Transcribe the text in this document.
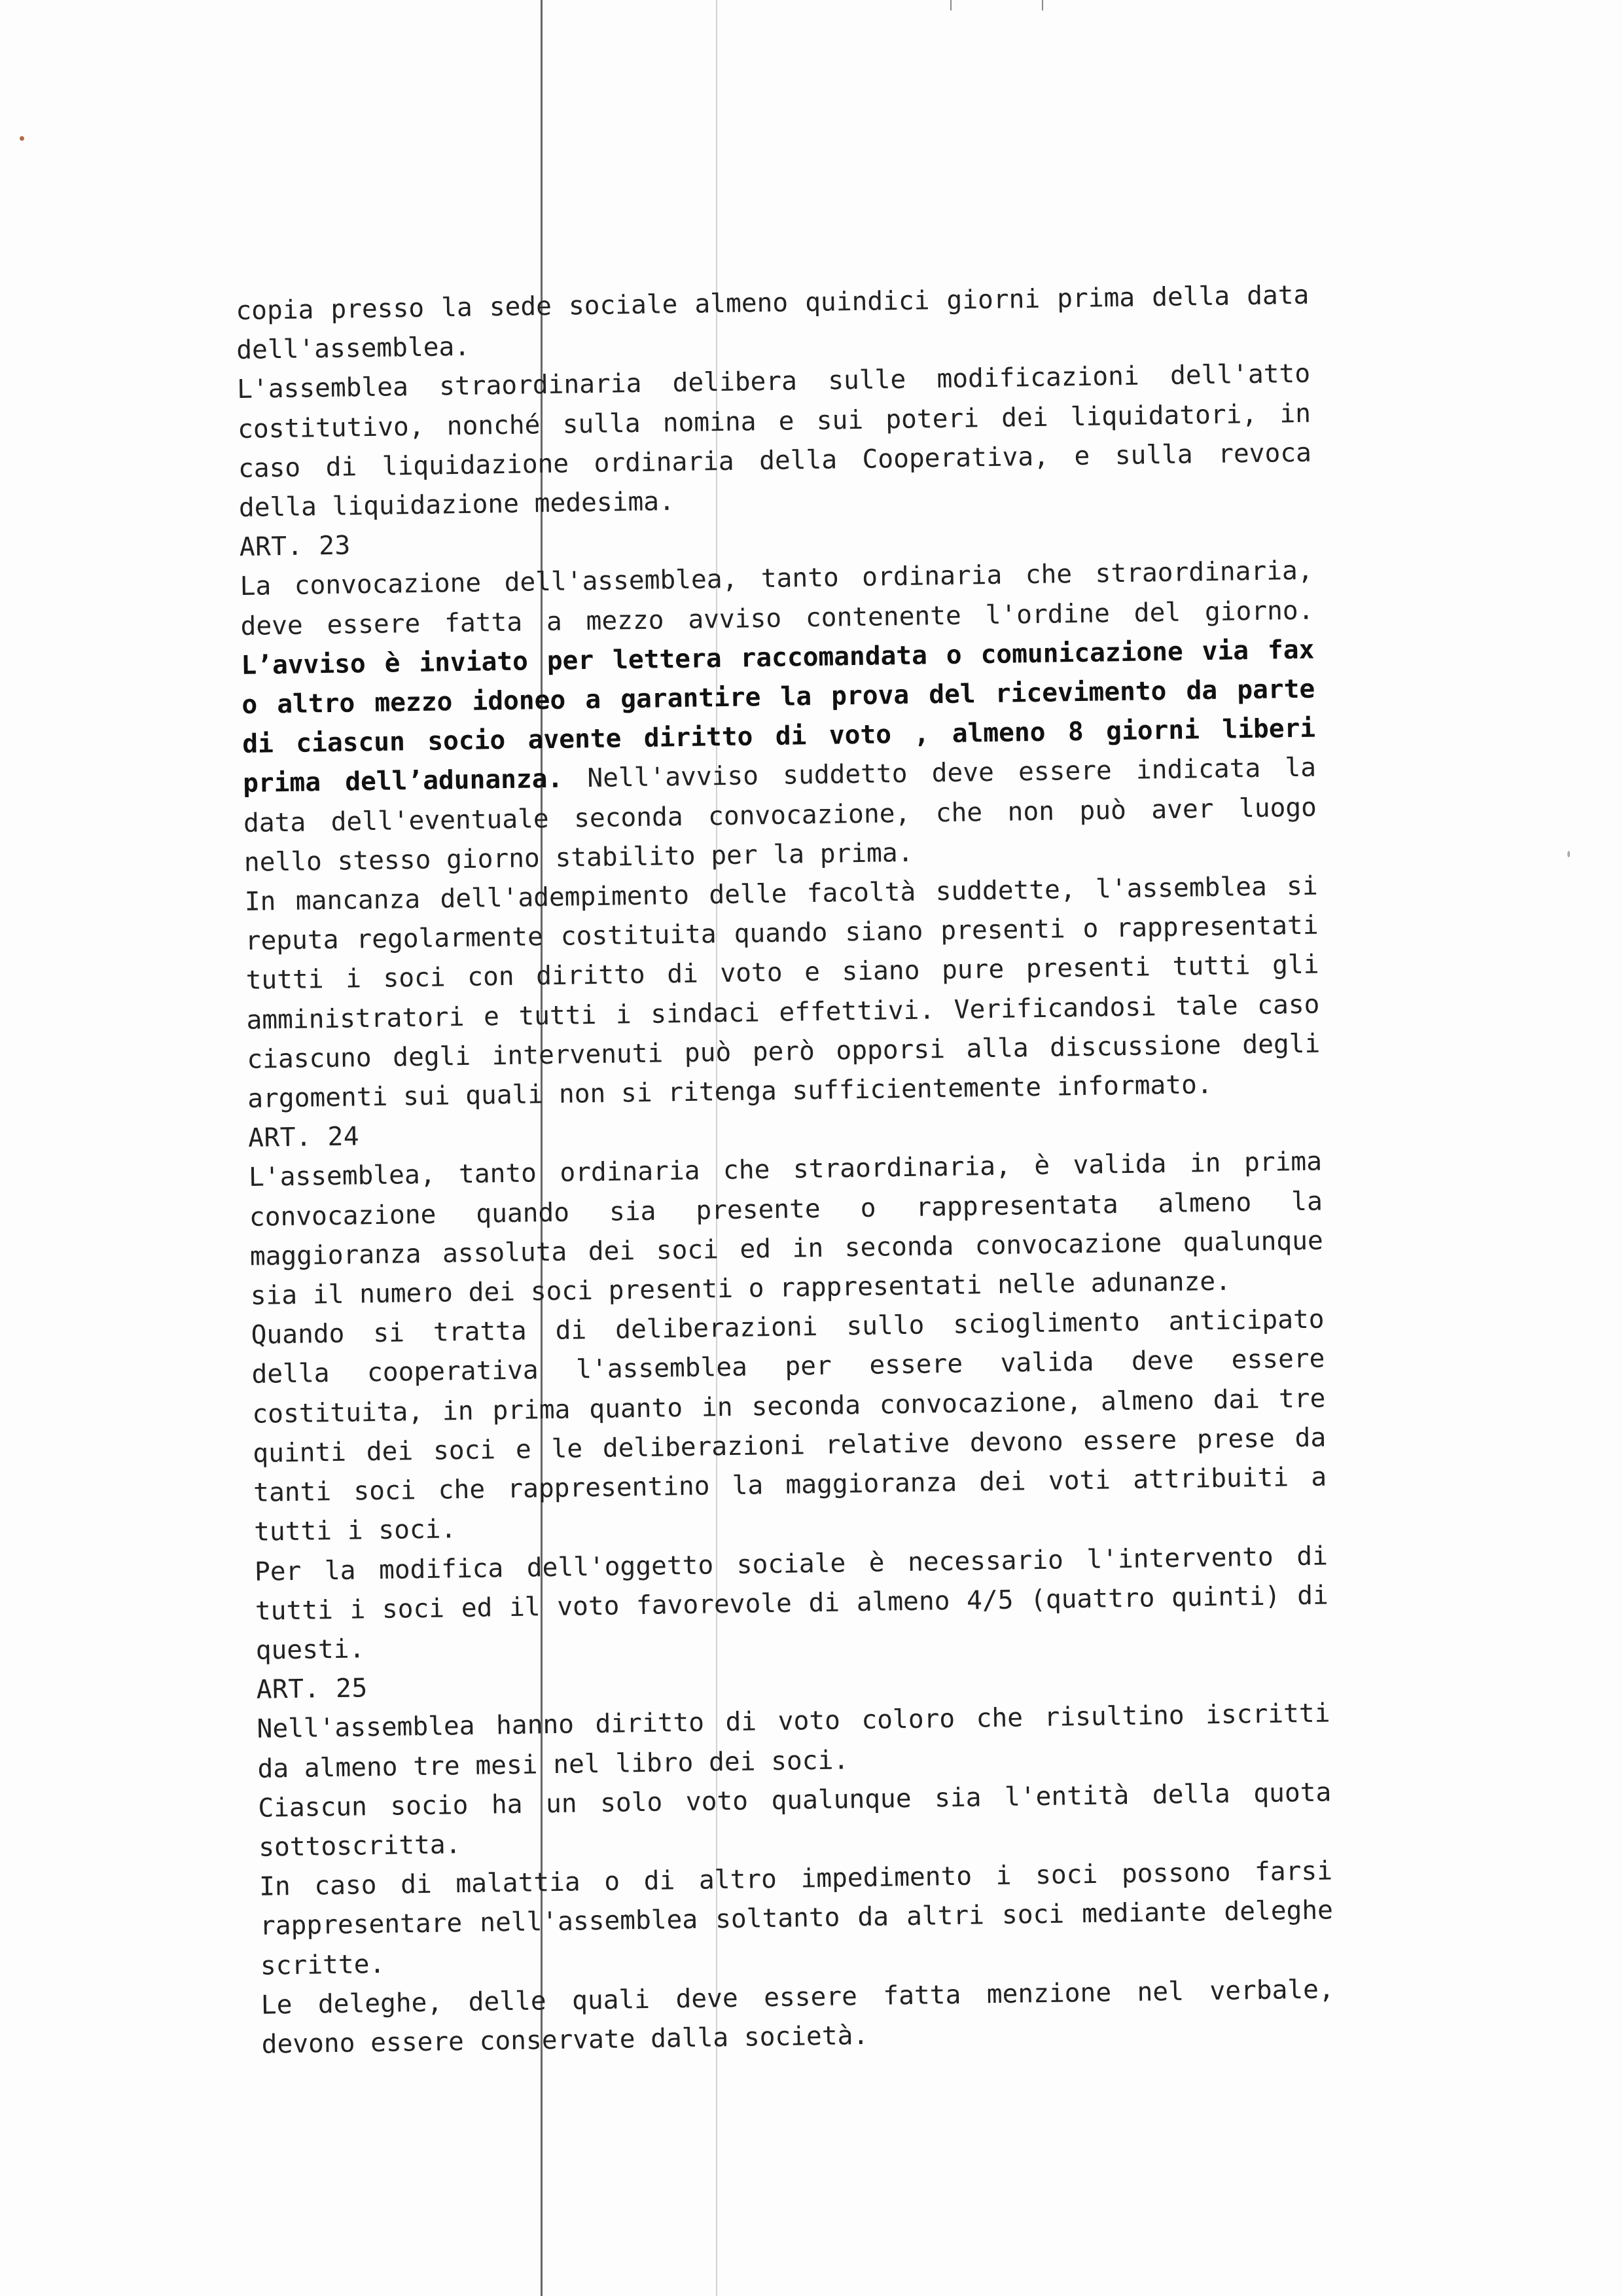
copia presso la sede sociale almeno quindici giorni prima della data dell'assemblea.

L'assemblea straordinaria delibera sulle modificazioni dell'atto costitutivo, nonché sulla nomina e sui poteri dei liquidatori, in caso di liquidazione ordinaria della Cooperativa, e sulla revoca della liquidazione medesima.

ART. 23

La convocazione dell'assemblea, tanto ordinaria che straordinaria, deve essere fatta a mezzo avviso contenente l'ordine del giorno. L’avviso è inviato per lettera raccomandata o comunicazione via fax o altro mezzo idoneo a garantire la prova del ricevimento da parte di ciascun socio avente diritto di voto , almeno 8 giorni liberi prima dell’adunanza. Nell'avviso suddetto deve essere indicata la data dell'eventuale seconda convocazione, che non può aver luogo nello stesso giorno stabilito per la prima.

In mancanza dell'adempimento delle facoltà suddette, l'assemblea si reputa regolarmente costituita quando siano presenti o rappresentati tutti i soci con diritto di voto e siano pure presenti tutti gli amministratori e tutti i sindaci effettivi. Verificandosi tale caso ciascuno degli intervenuti può però opporsi alla discussione degli argomenti sui quali non si ritenga sufficientemente informato.

ART. 24

L'assemblea, tanto ordinaria che straordinaria, è valida in prima convocazione quando sia presente o rappresentata almeno la maggioranza assoluta dei soci ed in seconda convocazione qualunque sia il numero dei soci presenti o rappresentati nelle adunanze.

Quando si tratta di deliberazioni sullo scioglimento anticipato della cooperativa l'assemblea per essere valida deve essere costituita, in prima quanto in seconda convocazione, almeno dai tre quinti dei soci e le deliberazioni relative devono essere prese da tanti soci che rappresentino la maggioranza dei voti attribuiti a tutti i soci.

Per la modifica dell'oggetto sociale è necessario l'intervento di tutti i soci ed il voto favorevole di almeno 4/5 (quattro quinti) di questi.

ART. 25

Nell'assemblea hanno diritto di voto coloro che risultino iscritti da almeno tre mesi nel libro dei soci.

Ciascun socio ha un solo voto qualunque sia l'entità della quota sottoscritta.

In caso di malattia o di altro impedimento i soci possono farsi rappresentare nell'assemblea soltanto da altri soci mediante deleghe scritte.

Le deleghe, delle quali deve essere fatta menzione nel verbale, devono essere conservate dalla società.
